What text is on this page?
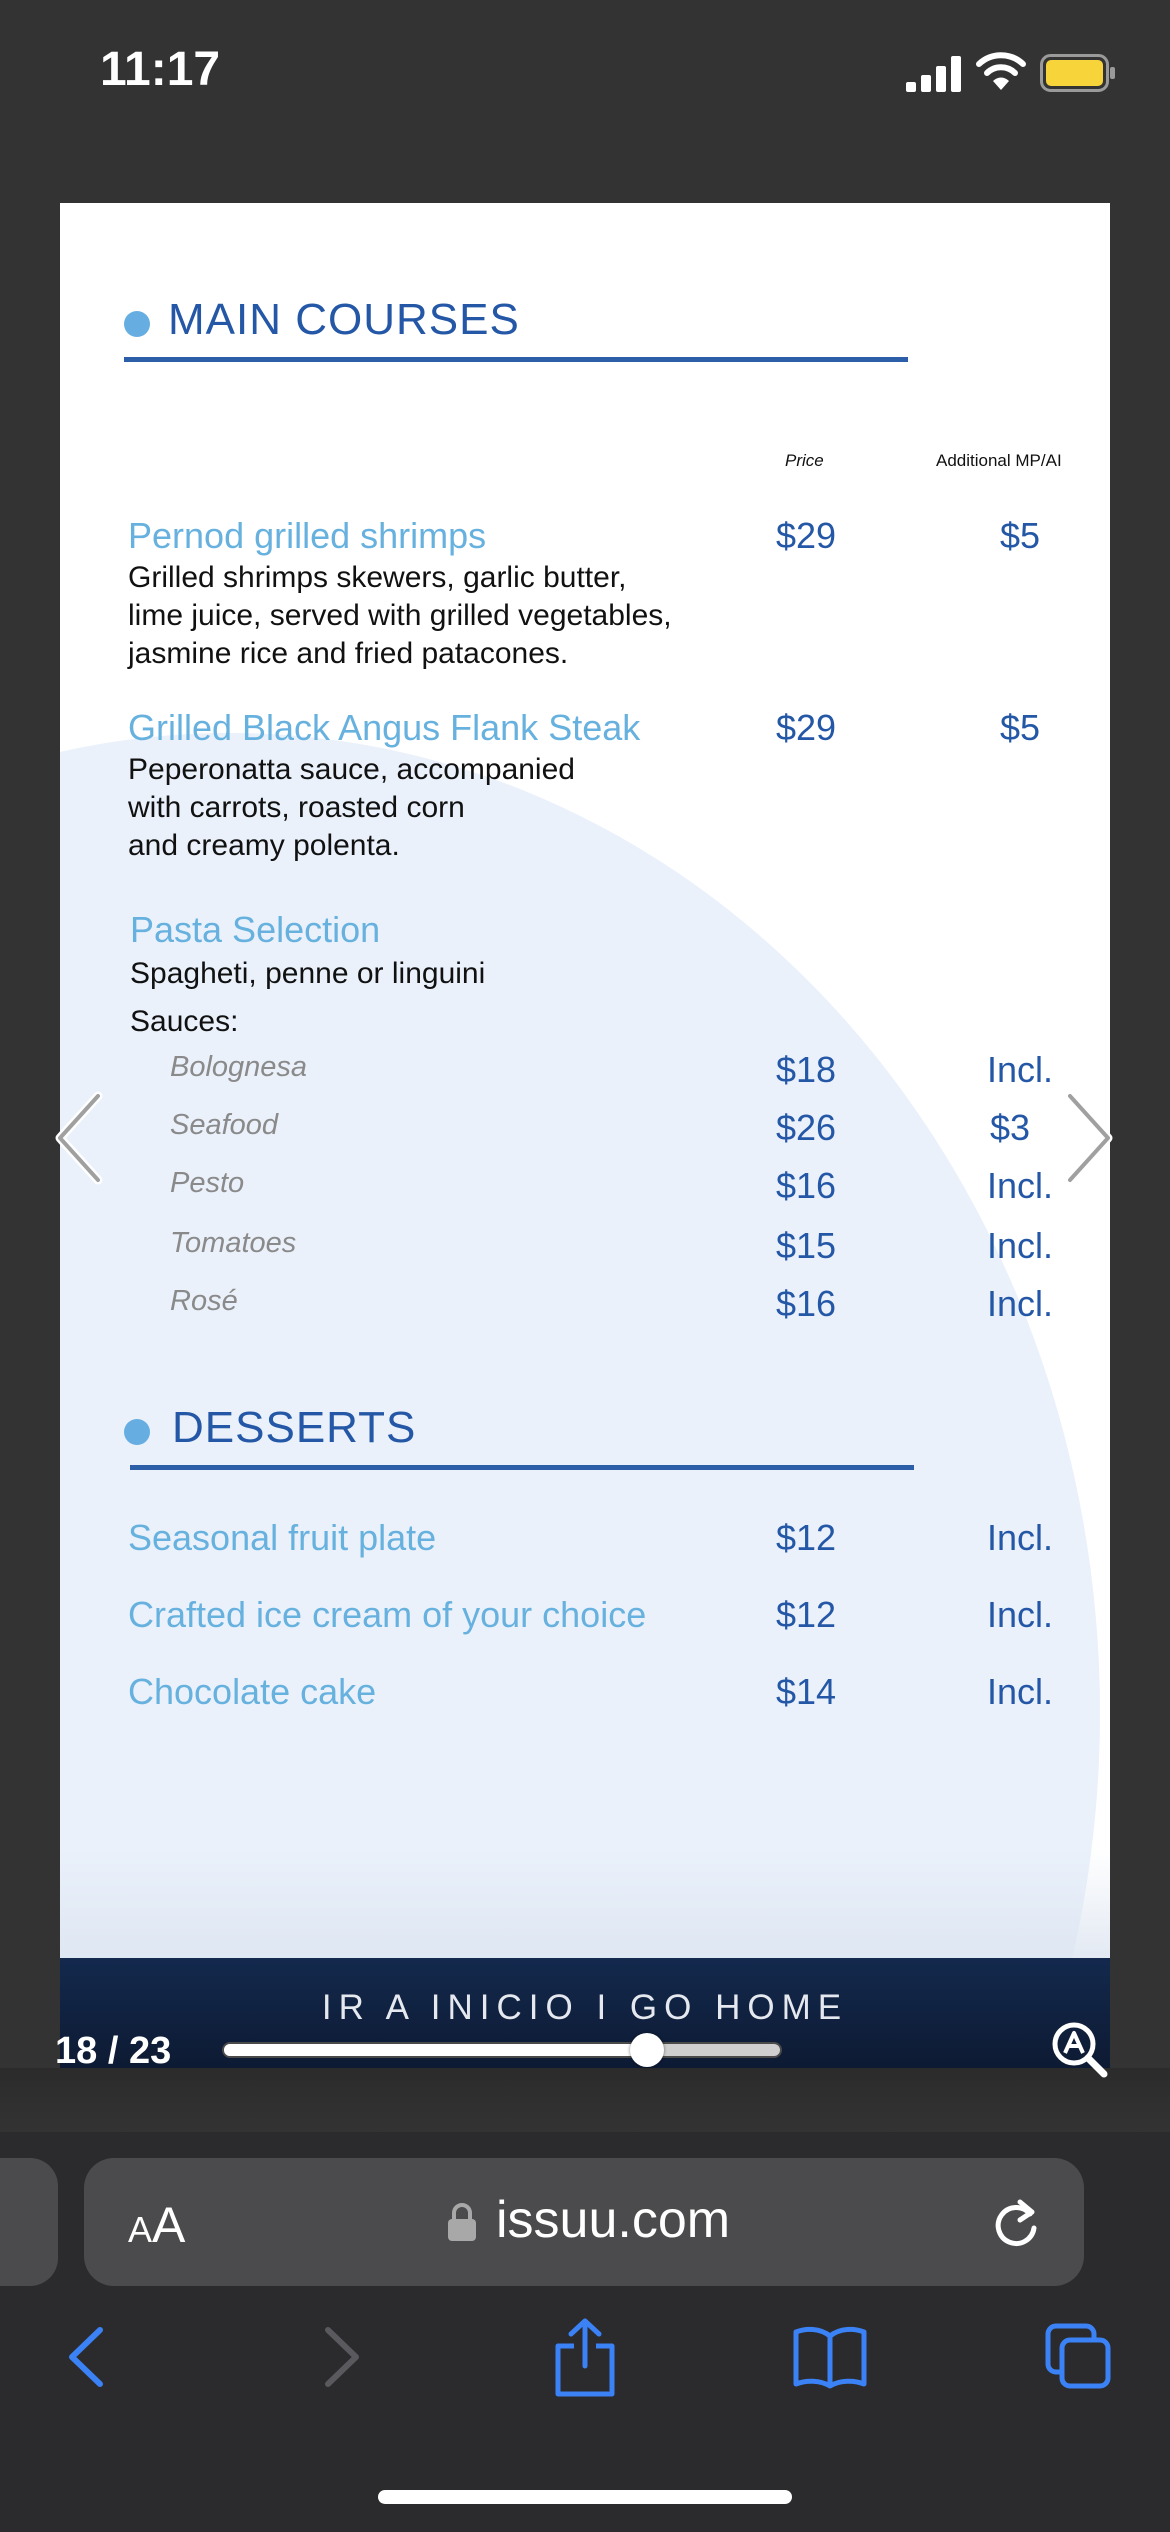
11:17
MAIN COURSES
Price	Additional MP/AI
Pernod grilled shrimps
Grilled shrimps skewers, garlic butter,
lime juice, served with grilled vegetables,
jasmine rice and fried patacones.
$29	$5
Grilled Black Angus Flank Steak
Peperonatta sauce, accompanied
with carrots, roasted corn
and creamy polenta.
$29	$5
Pasta Selection
Spagheti, penne or linguini
Sauces:
Bolognesa	$18	Incl.
Seafood	$26	$3
Pesto	$16	Incl.
Tomatoes	$15	Incl.
Rosé	$16	Incl.
DESSERTS
Seasonal fruit plate	$12	Incl.
Crafted ice cream of your choice	$12	Incl.
Chocolate cake	$14	Incl.
IR A INICIO I GO HOME
18 / 23
AA	issuu.com
